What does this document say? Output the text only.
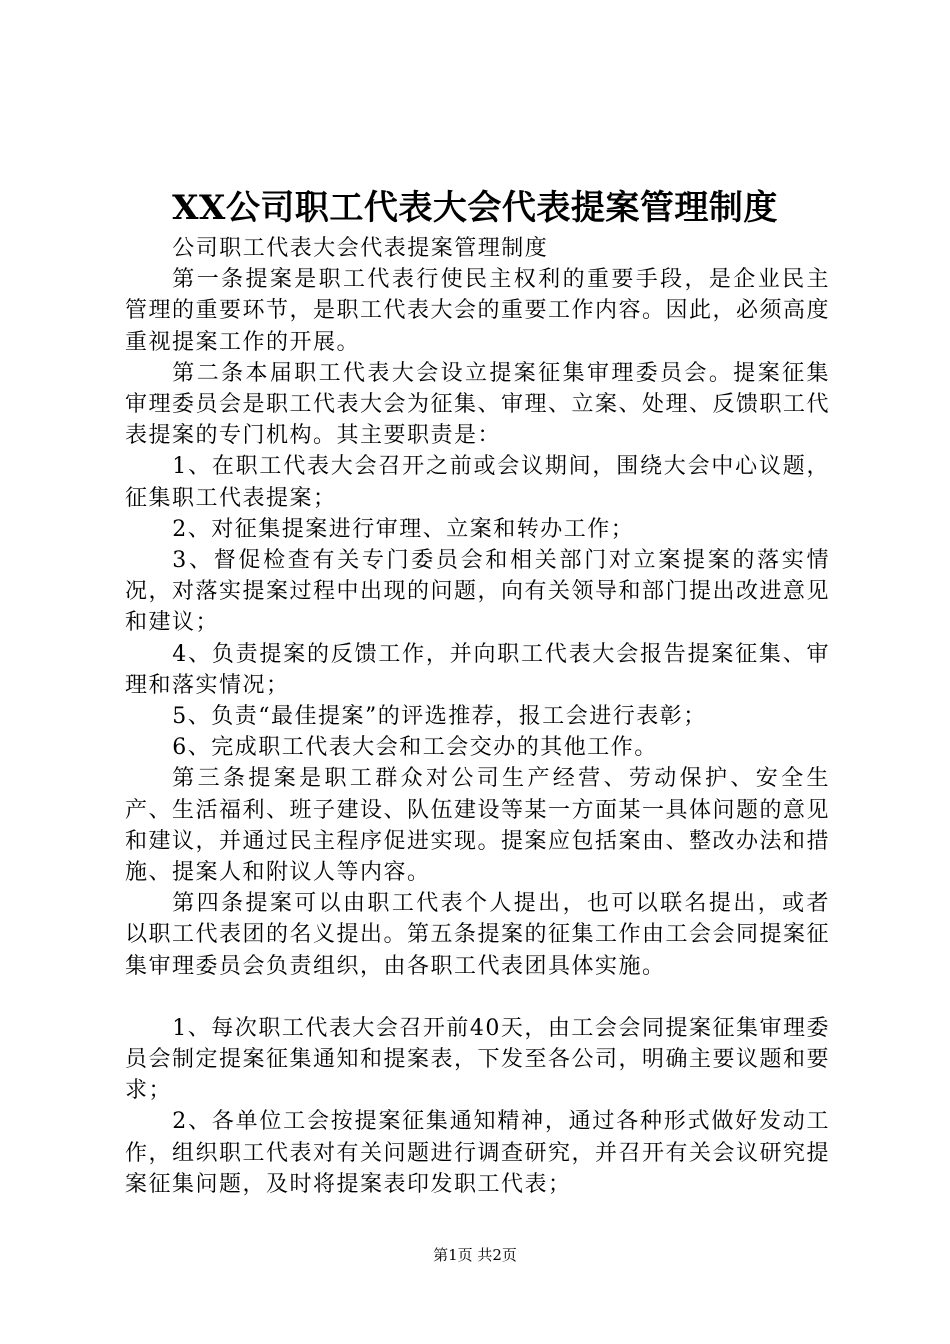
XX公司职工代表大会代表提案管理制度

公司职工代表大会代表提案管理制度

第一条提案是职工代表行使民主权利的重要手段，是企业民主管理的重要环节，是职工代表大会的重要工作内容。因此，必须高度重视提案工作的开展。

第二条本届职工代表大会设立提案征集审理委员会。提案征集审理委员会是职工代表大会为征集、审理、立案、处理、反馈职工代表提案的专门机构。其主要职责是：

1、在职工代表大会召开之前或会议期间，围绕大会中心议题，征集职工代表提案；

2、对征集提案进行审理、立案和转办工作；

3、督促检查有关专门委员会和相关部门对立案提案的落实情况，对落实提案过程中出现的问题，向有关领导和部门提出改进意见和建议；

4、负责提案的反馈工作，并向职工代表大会报告提案征集、审理和落实情况；

5、负责“最佳提案”的评选推荐，报工会进行表彰；

6、完成职工代表大会和工会交办的其他工作。

第三条提案是职工群众对公司生产经营、劳动保护、安全生产、生活福利、班子建设、队伍建设等某一方面某一具体问题的意见和建议，并通过民主程序促进实现。提案应包括案由、整改办法和措施、提案人和附议人等内容。

第四条提案可以由职工代表个人提出，也可以联名提出，或者以职工代表团的名义提出。第五条提案的征集工作由工会会同提案征集审理委员会负责组织，由各职工代表团具体实施。

1、每次职工代表大会召开前40天，由工会会同提案征集审理委员会制定提案征集通知和提案表，下发至各公司，明确主要议题和要求；

2、各单位工会按提案征集通知精神，通过各种形式做好发动工作，组织职工代表对有关问题进行调查研究，并召开有关会议研究提案征集问题，及时将提案表印发职工代表；

第1页 共2页
